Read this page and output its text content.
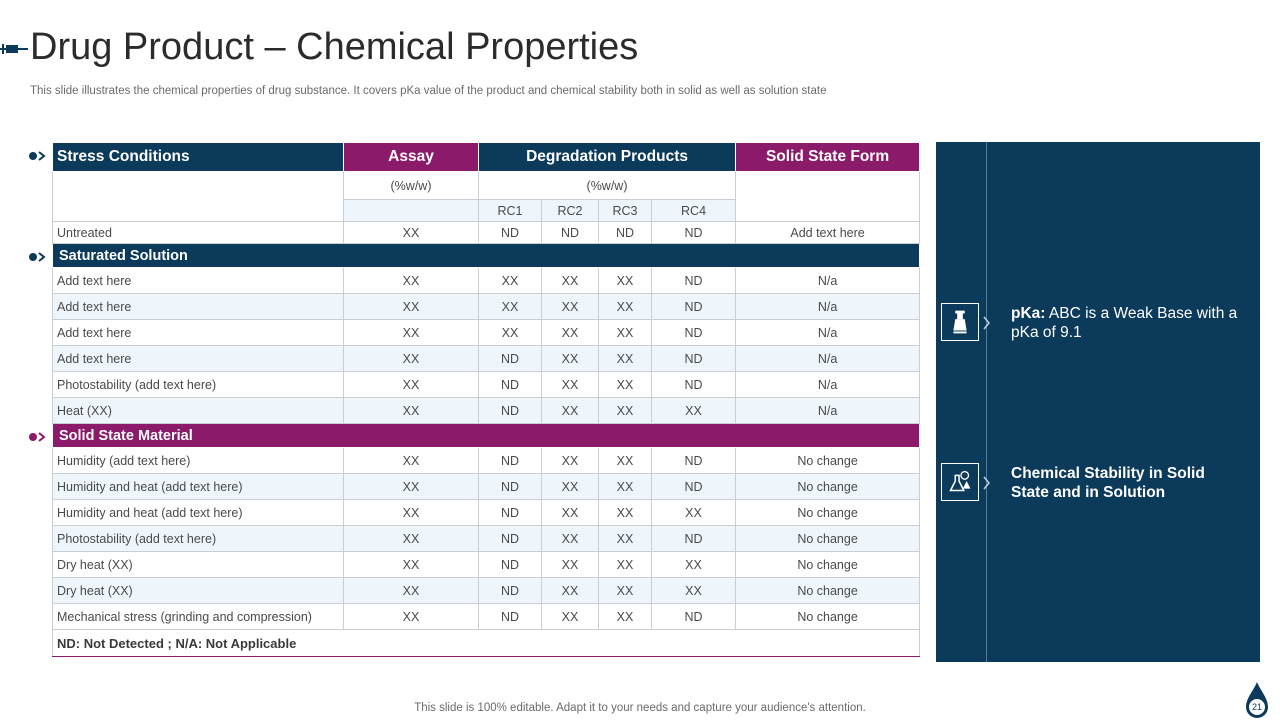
Drug Product – Chemical Properties
This slide illustrates the chemical properties of drug substance. It covers pKa value of the product and chemical stability both in solid as well as solution state
Stress Conditions	Assay	Degradation Products				Solid State Form
	(%w/w)	(%w/w)				
		RC1	RC2	RC3	RC4	
Untreated	XX	ND	ND	ND	ND	Add text here
Saturated Solution						
Add text here	XX	XX	XX	XX	ND	N/a
Add text here	XX	XX	XX	XX	ND	N/a
Add text here	XX	XX	XX	XX	ND	N/a
Add text here	XX	ND	XX	XX	ND	N/a
Photostability (add text here)	XX	ND	XX	XX	ND	N/a
Heat (XX)	XX	ND	XX	XX	XX	N/a
Solid State Material						
Humidity (add text here)	XX	ND	XX	XX	ND	No change
Humidity and heat (add text here)	XX	ND	XX	XX	ND	No change
Humidity and heat (add text here)	XX	ND	XX	XX	XX	No change
Photostability (add text here)	XX	ND	XX	XX	ND	No change
Dry heat (XX)	XX	ND	XX	XX	XX	No change
Dry heat (XX)	XX	ND	XX	XX	XX	No change
Mechanical stress (grinding and compression)	XX	ND	XX	XX	ND	No change
ND: Not Detected ; N/A: Not Applicable						
pKa: ABC is a Weak Base with a pKa of 9.1
Chemical Stability in Solid State and in Solution
This slide is 100% editable. Adapt it to your needs and capture your audience's attention.	21
